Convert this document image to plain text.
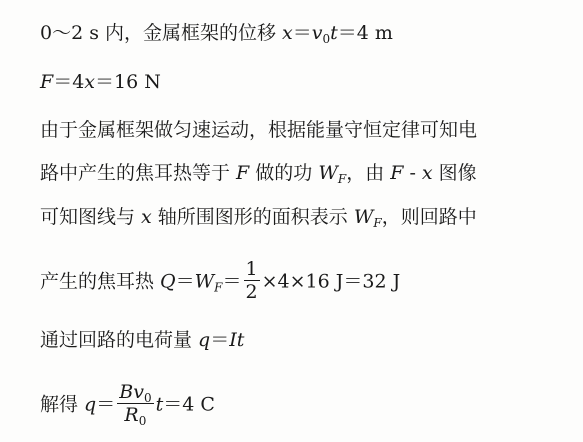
0～2 s 内，金属框架的位移 $x=v_0t=4$ m
F＝4x＝16 N
由于金属框架做匀速运动，根据能量守恒定律可知电
路中产生的焦耳热等于 F 做的功 $W_F$，由 F - x 图像
可知图线与 x 轴所围图形的面积表示 $W_F$，则回路中
产生的焦耳热 $Q=W_F= \frac{1}{2} \times 4\times 16$ J＝32 J
通过回路的电荷量 q＝It
解得 $q= \frac{Bv_0}{R_0} t=4$ C
